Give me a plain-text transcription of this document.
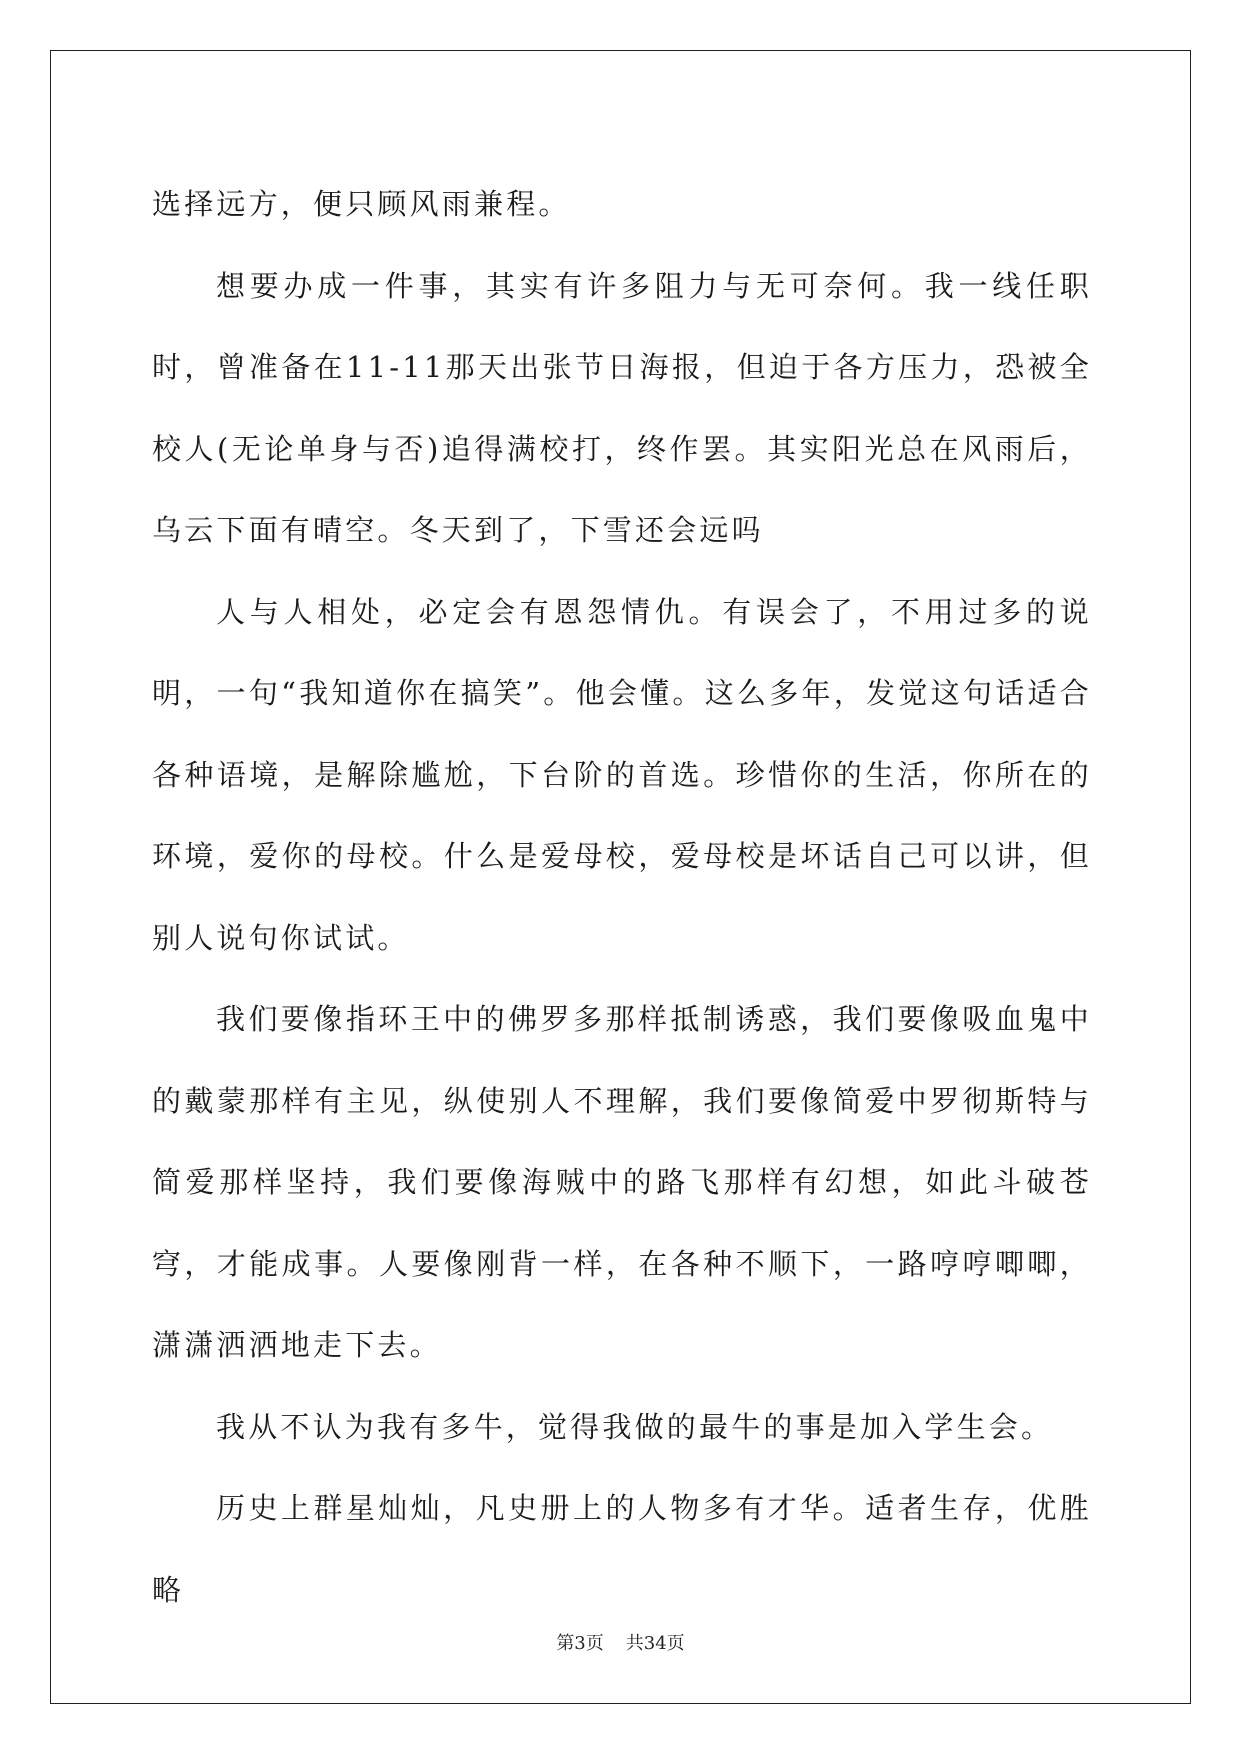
选择远方，便只顾风雨兼程。

想要办成一件事，其实有许多阻力与无可奈何。我一线任职时，曾准备在11-11那天出张节日海报，但迫于各方压力，恐被全校人(无论单身与否)追得满校打，终作罢。其实阳光总在风雨后，乌云下面有晴空。冬天到了，下雪还会远吗

人与人相处，必定会有恩怨情仇。有误会了，不用过多的说明，一句“我知道你在搞笑”。他会懂。这么多年，发觉这句话适合各种语境，是解除尴尬，下台阶的首选。珍惜你的生活，你所在的环境，爱你的母校。什么是爱母校，爱母校是坏话自己可以讲，但别人说句你试试。

我们要像指环王中的佛罗多那样抵制诱惑，我们要像吸血鬼中的戴蒙那样有主见，纵使别人不理解，我们要像简爱中罗彻斯特与简爱那样坚持，我们要像海贼中的路飞那样有幻想，如此斗破苍穹，才能成事。人要像刚背一样，在各种不顺下，一路哼哼唧唧，潇潇洒洒地走下去。

我从不认为我有多牛，觉得我做的最牛的事是加入学生会。

历史上群星灿灿，凡史册上的人物多有才华。适者生存，优胜略

第3页 共34页
